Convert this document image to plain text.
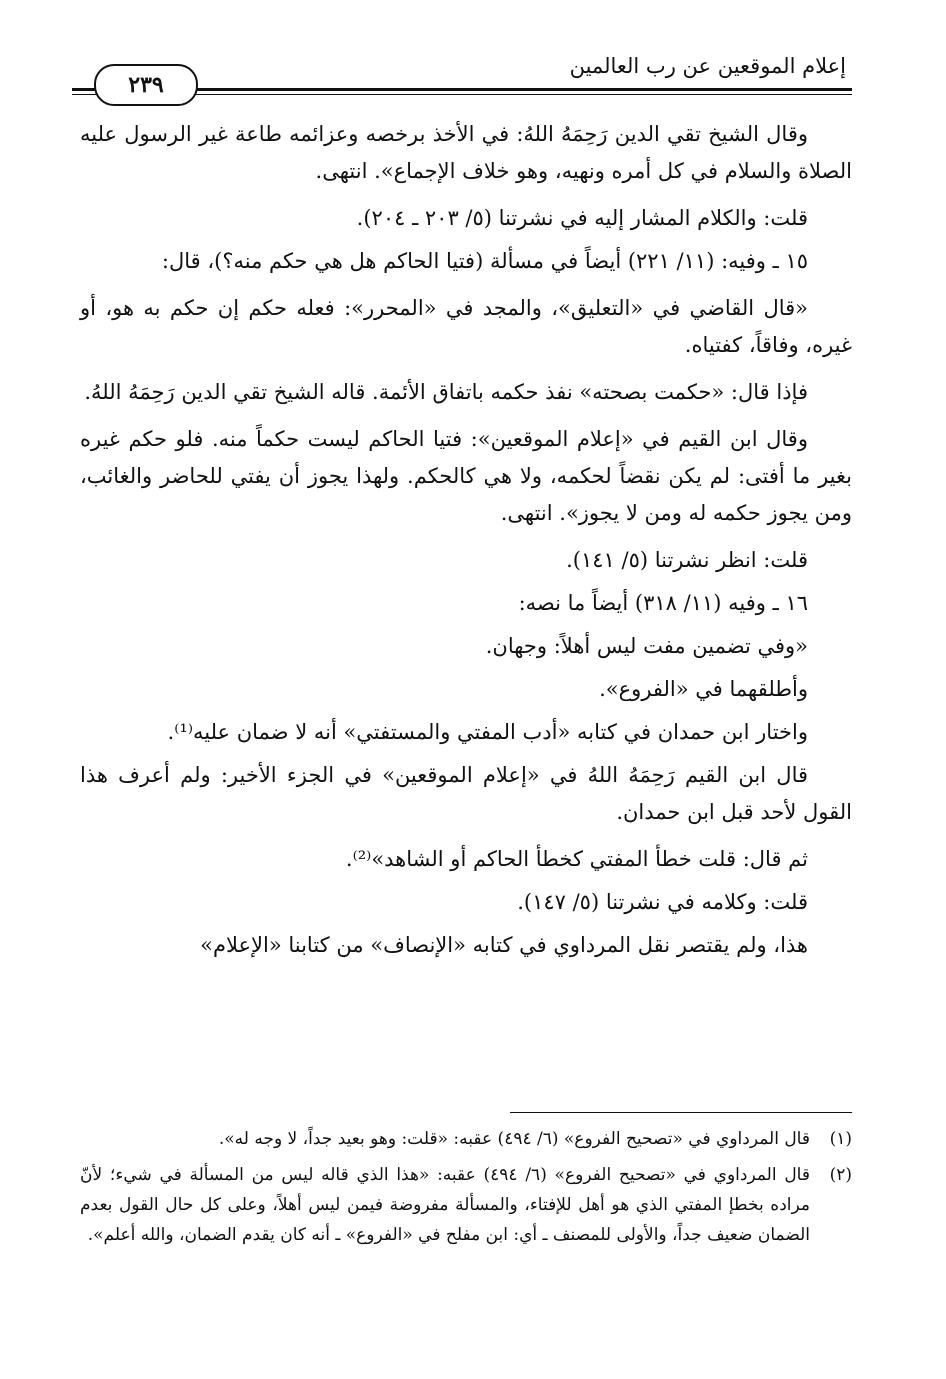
إعلام الموقعين عن رب العالمين
٢٣٩

وقال الشيخ تقي الدين رَحِمَهُ اللهُ: في الأخذ برخصه وعزائمه طاعة غير الرسول عليه الصلاة والسلام في كل أمره ونهيه، وهو خلاف الإجماع». انتهى.

قلت: والكلام المشار إليه في نشرتنا (٥/ ٢٠٣ ـ ٢٠٤).

١٥ ـ وفيه: (١١/ ٢٢١) أيضاً في مسألة (فتيا الحاكم هل هي حكم منه؟)، قال:

«قال القاضي في «التعليق»، والمجد في «المحرر»: فعله حكم إن حكم به هو، أو غيره، وفاقاً، كفتياه.

فإذا قال: «حكمت بصحته» نفذ حكمه باتفاق الأئمة. قاله الشيخ تقي الدين رَحِمَهُ اللهُ.

وقال ابن القيم في «إعلام الموقعين»: فتيا الحاكم ليست حكماً منه. فلو حكم غيره بغير ما أفتى: لم يكن نقضاً لحكمه، ولا هي كالحكم. ولهذا يجوز أن يفتي للحاضر والغائب، ومن يجوز حكمه له ومن لا يجوز». انتهى.

قلت: انظر نشرتنا (٥/ ١٤١).

١٦ ـ وفيه (١١/ ٣١٨) أيضاً ما نصه:

«وفي تضمين مفت ليس أهلاً: وجهان.

وأطلقهما في «الفروع».

واختار ابن حمدان في كتابه «أدب المفتي والمستفتي» أنه لا ضمان عليه⁽¹⁾.

قال ابن القيم رَحِمَهُ اللهُ في «إعلام الموقعين» في الجزء الأخير: ولم أعرف هذا القول لأحد قبل ابن حمدان.

ثم قال: قلت خطأ المفتي كخطأ الحاكم أو الشاهد»⁽²⁾.

قلت: وكلامه في نشرتنا (٥/ ١٤٧).

هذا، ولم يقتصر نقل المرداوي في كتابه «الإنصاف» من كتابنا «الإعلام»

(١)
قال المرداوي في «تصحيح الفروع» (٦/ ٤٩٤) عقبه: «قلت: وهو بعيد جداً، لا وجه له».
(٢)
قال المرداوي في «تصحيح الفروع» (٦/ ٤٩٤) عقبه: «هذا الذي قاله ليس من المسألة في شيء؛ لأنّ مراده بخطإ المفتي الذي هو أهل للإفتاء، والمسألة مفروضة فيمن ليس أهلاً، وعلى كل حال القول بعدم الضمان ضعيف جداً، والأولى للمصنف ـ أي: ابن مفلح في «الفروع» ـ أنه كان يقدم الضمان، والله أعلم».
